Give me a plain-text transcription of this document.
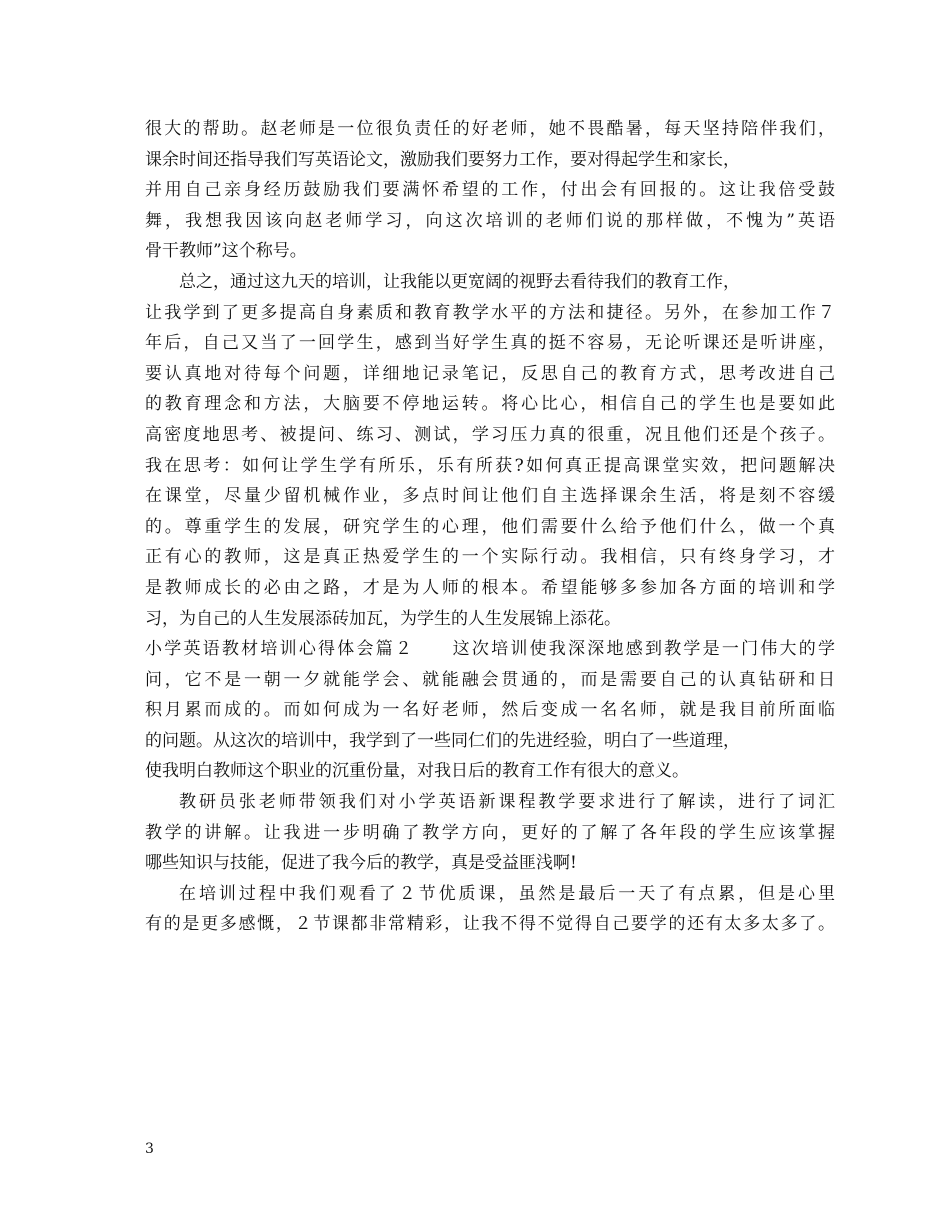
很大的帮助。赵老师是一位很负责任的好老师，她不畏酷暑，每天坚持陪伴我们，
课余时间还指导我们写英语论文，激励我们要努力工作，要对得起学生和家长，
并用自己亲身经历鼓励我们要满怀希望的工作，付出会有回报的。这让我倍受鼓
舞，我想我因该向赵老师学习，向这次培训的老师们说的那样做，不愧为”英语
骨干教师”这个称号。
总之，通过这九天的培训，让我能以更宽阔的视野去看待我们的教育工作，
让我学到了更多提高自身素质和教育教学水平的方法和捷径。另外，在参加工作７
年后，自己又当了一回学生，感到当好学生真的挺不容易，无论听课还是听讲座，
要认真地对待每个问题，详细地记录笔记，反思自己的教育方式，思考改进自己
的教育理念和方法，大脑要不停地运转。将心比心，相信自己的学生也是要如此
高密度地思考、被提问、练习、测试，学习压力真的很重，况且他们还是个孩子。
我在思考：如何让学生学有所乐，乐有所获?如何真正提高课堂实效，把问题解决
在课堂，尽量少留机械作业，多点时间让他们自主选择课余生活，将是刻不容缓
的。尊重学生的发展，研究学生的心理，他们需要什么给予他们什么，做一个真
正有心的教师，这是真正热爱学生的一个实际行动。我相信，只有终身学习，才
是教师成长的必由之路，才是为人师的根本。希望能够多参加各方面的培训和学
习，为自己的人生发展添砖加瓦，为学生的人生发展锦上添花。
小学英语教材培训心得体会篇２　　这次培训使我深深地感到教学是一门伟大的学
问，它不是一朝一夕就能学会、就能融会贯通的，而是需要自己的认真钻研和日
积月累而成的。而如何成为一名好老师，然后变成一名名师，就是我目前所面临
的问题。从这次的培训中，我学到了一些同仁们的先进经验，明白了一些道理，
使我明白教师这个职业的沉重份量，对我日后的教育工作有很大的意义。
教研员张老师带领我们对小学英语新课程教学要求进行了解读，进行了词汇
教学的讲解。让我进一步明确了教学方向，更好的了解了各年段的学生应该掌握
哪些知识与技能，促进了我今后的教学，真是受益匪浅啊!
在培训过程中我们观看了２节优质课，虽然是最后一天了有点累，但是心里
有的是更多感慨，２节课都非常精彩，让我不得不觉得自己要学的还有太多太多了。
3
